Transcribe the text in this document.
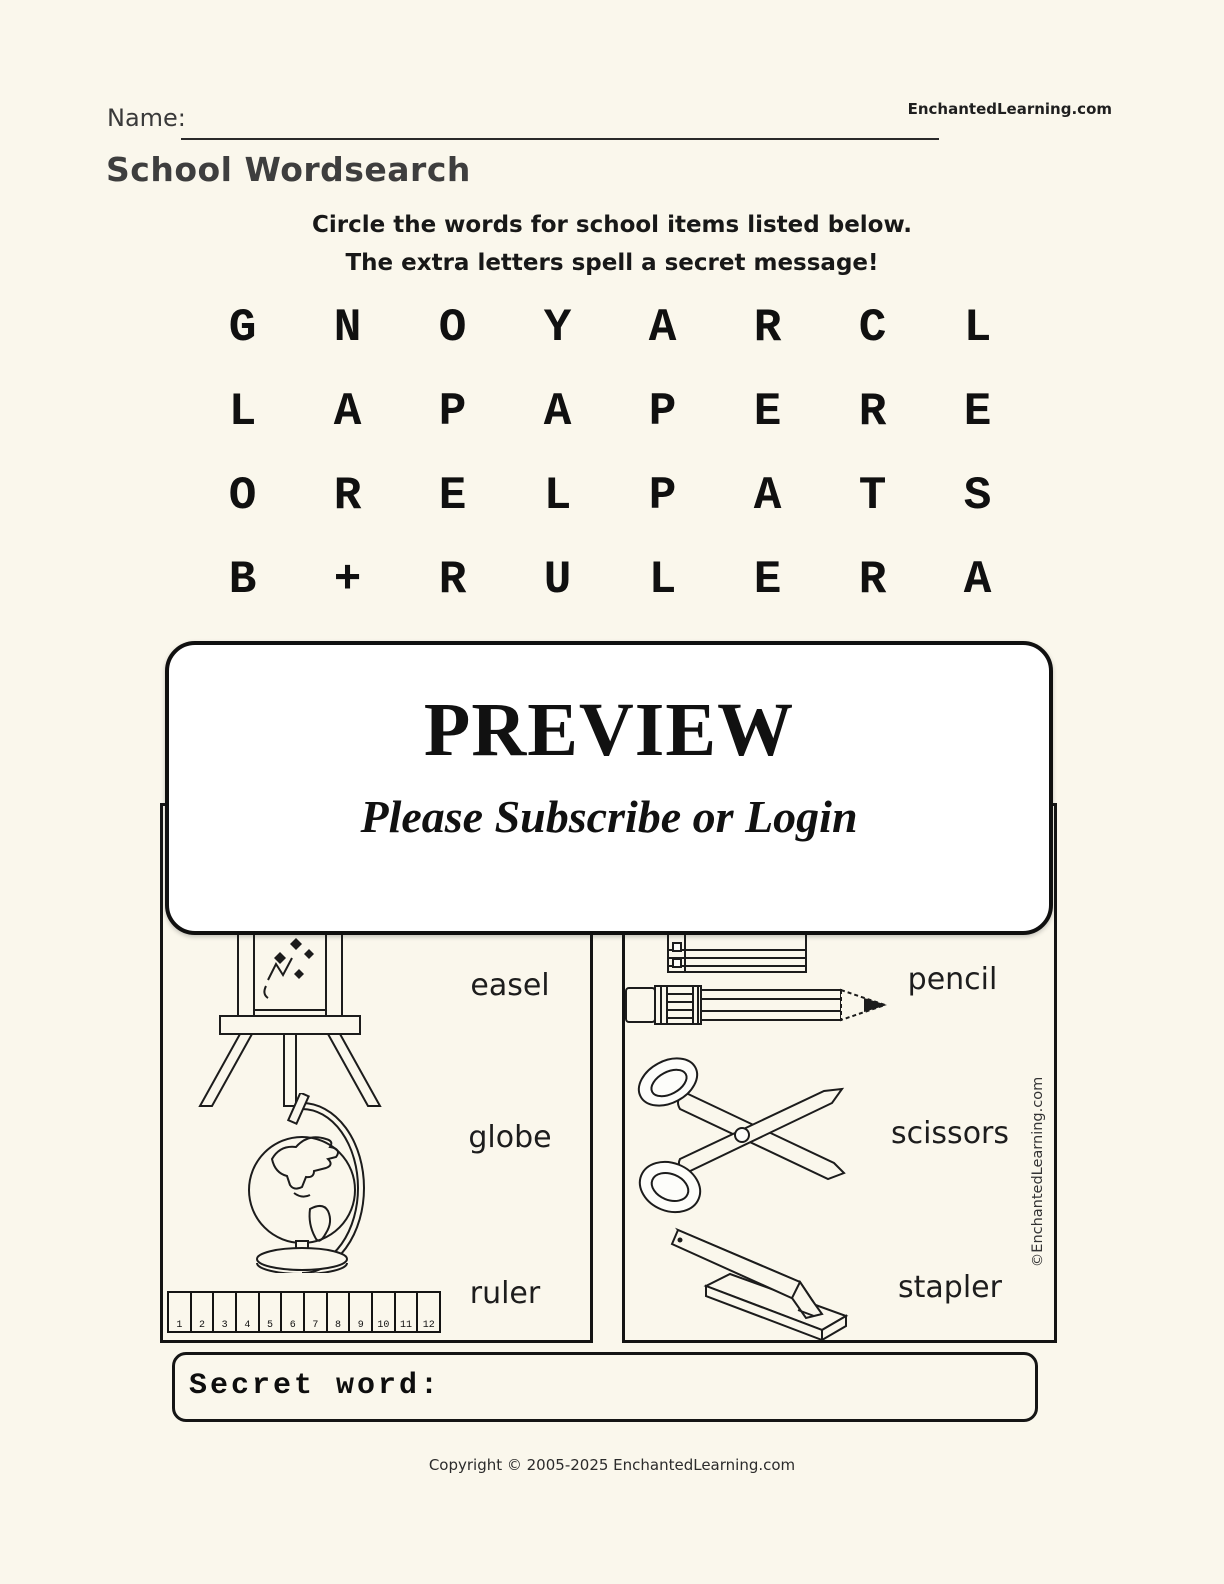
Name:	EnchantedLearning.com
School Wordsearch
Circle the words for school items listed below.
The extra letters spell a secret message!
G	N	O	Y	A	R	C	L
L	A	P	A	P	E	R	E
O	R	E	L	P	A	T	S
B	+	R	U	L	E	R	A
1	2	3	4	5	6	7	8	9	10	11	12
©EnchantedLearning.com
easel
globe
ruler
pencil
scissors
stapler
PREVIEW
Please Subscribe or Login
Secret word:
Copyright © 2005-2025 EnchantedLearning.com
